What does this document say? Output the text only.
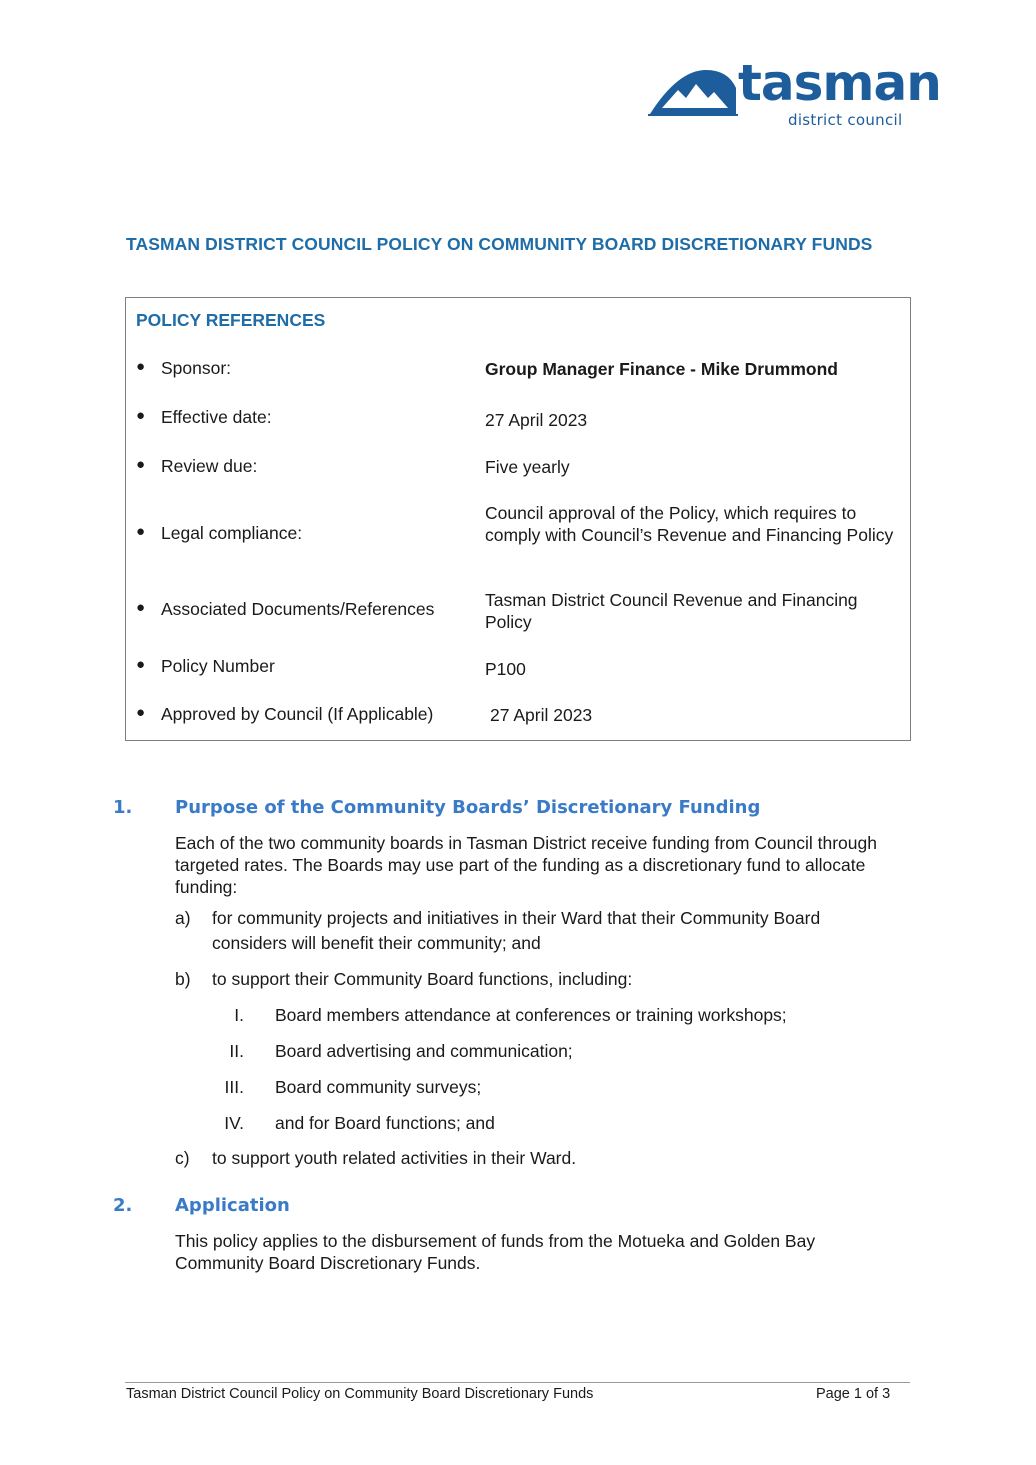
tasman
district council
TASMAN DISTRICT COUNCIL POLICY ON COMMUNITY BOARD DISCRETIONARY FUNDS
POLICY REFERENCES
● Sponsor:	Group Manager Finance - Mike Drummond
● Effective date:	27 April 2023
● Review due:	Five yearly
● Legal compliance:
Council approval of the Policy, which requires to comply with Council’s Revenue and Financing Policy
● Associated Documents/References	Tasman District Council Revenue and Financing Policy
● Policy Number	P100
● Approved by Council (If Applicable)	27 April 2023
1. Purpose of the Community Boards’ Discretionary Funding
Each of the two community boards in Tasman District receive funding from Council through targeted rates. The Boards may use part of the funding as a discretionary fund to allocate funding:
a) for community projects and initiatives in their Ward that their Community Board
considers will benefit their community; and
b) to support their Community Board functions, including:
I. Board members attendance at conferences or training workshops;
II. Board advertising and communication;
III. Board community surveys;
IV. and for Board functions; and
c) to support youth related activities in their Ward.
2. Application
This policy applies to the disbursement of funds from the Motueka and Golden Bay Community Board Discretionary Funds.
Tasman District Council Policy on Community Board Discretionary Funds	Page 1 of 3
